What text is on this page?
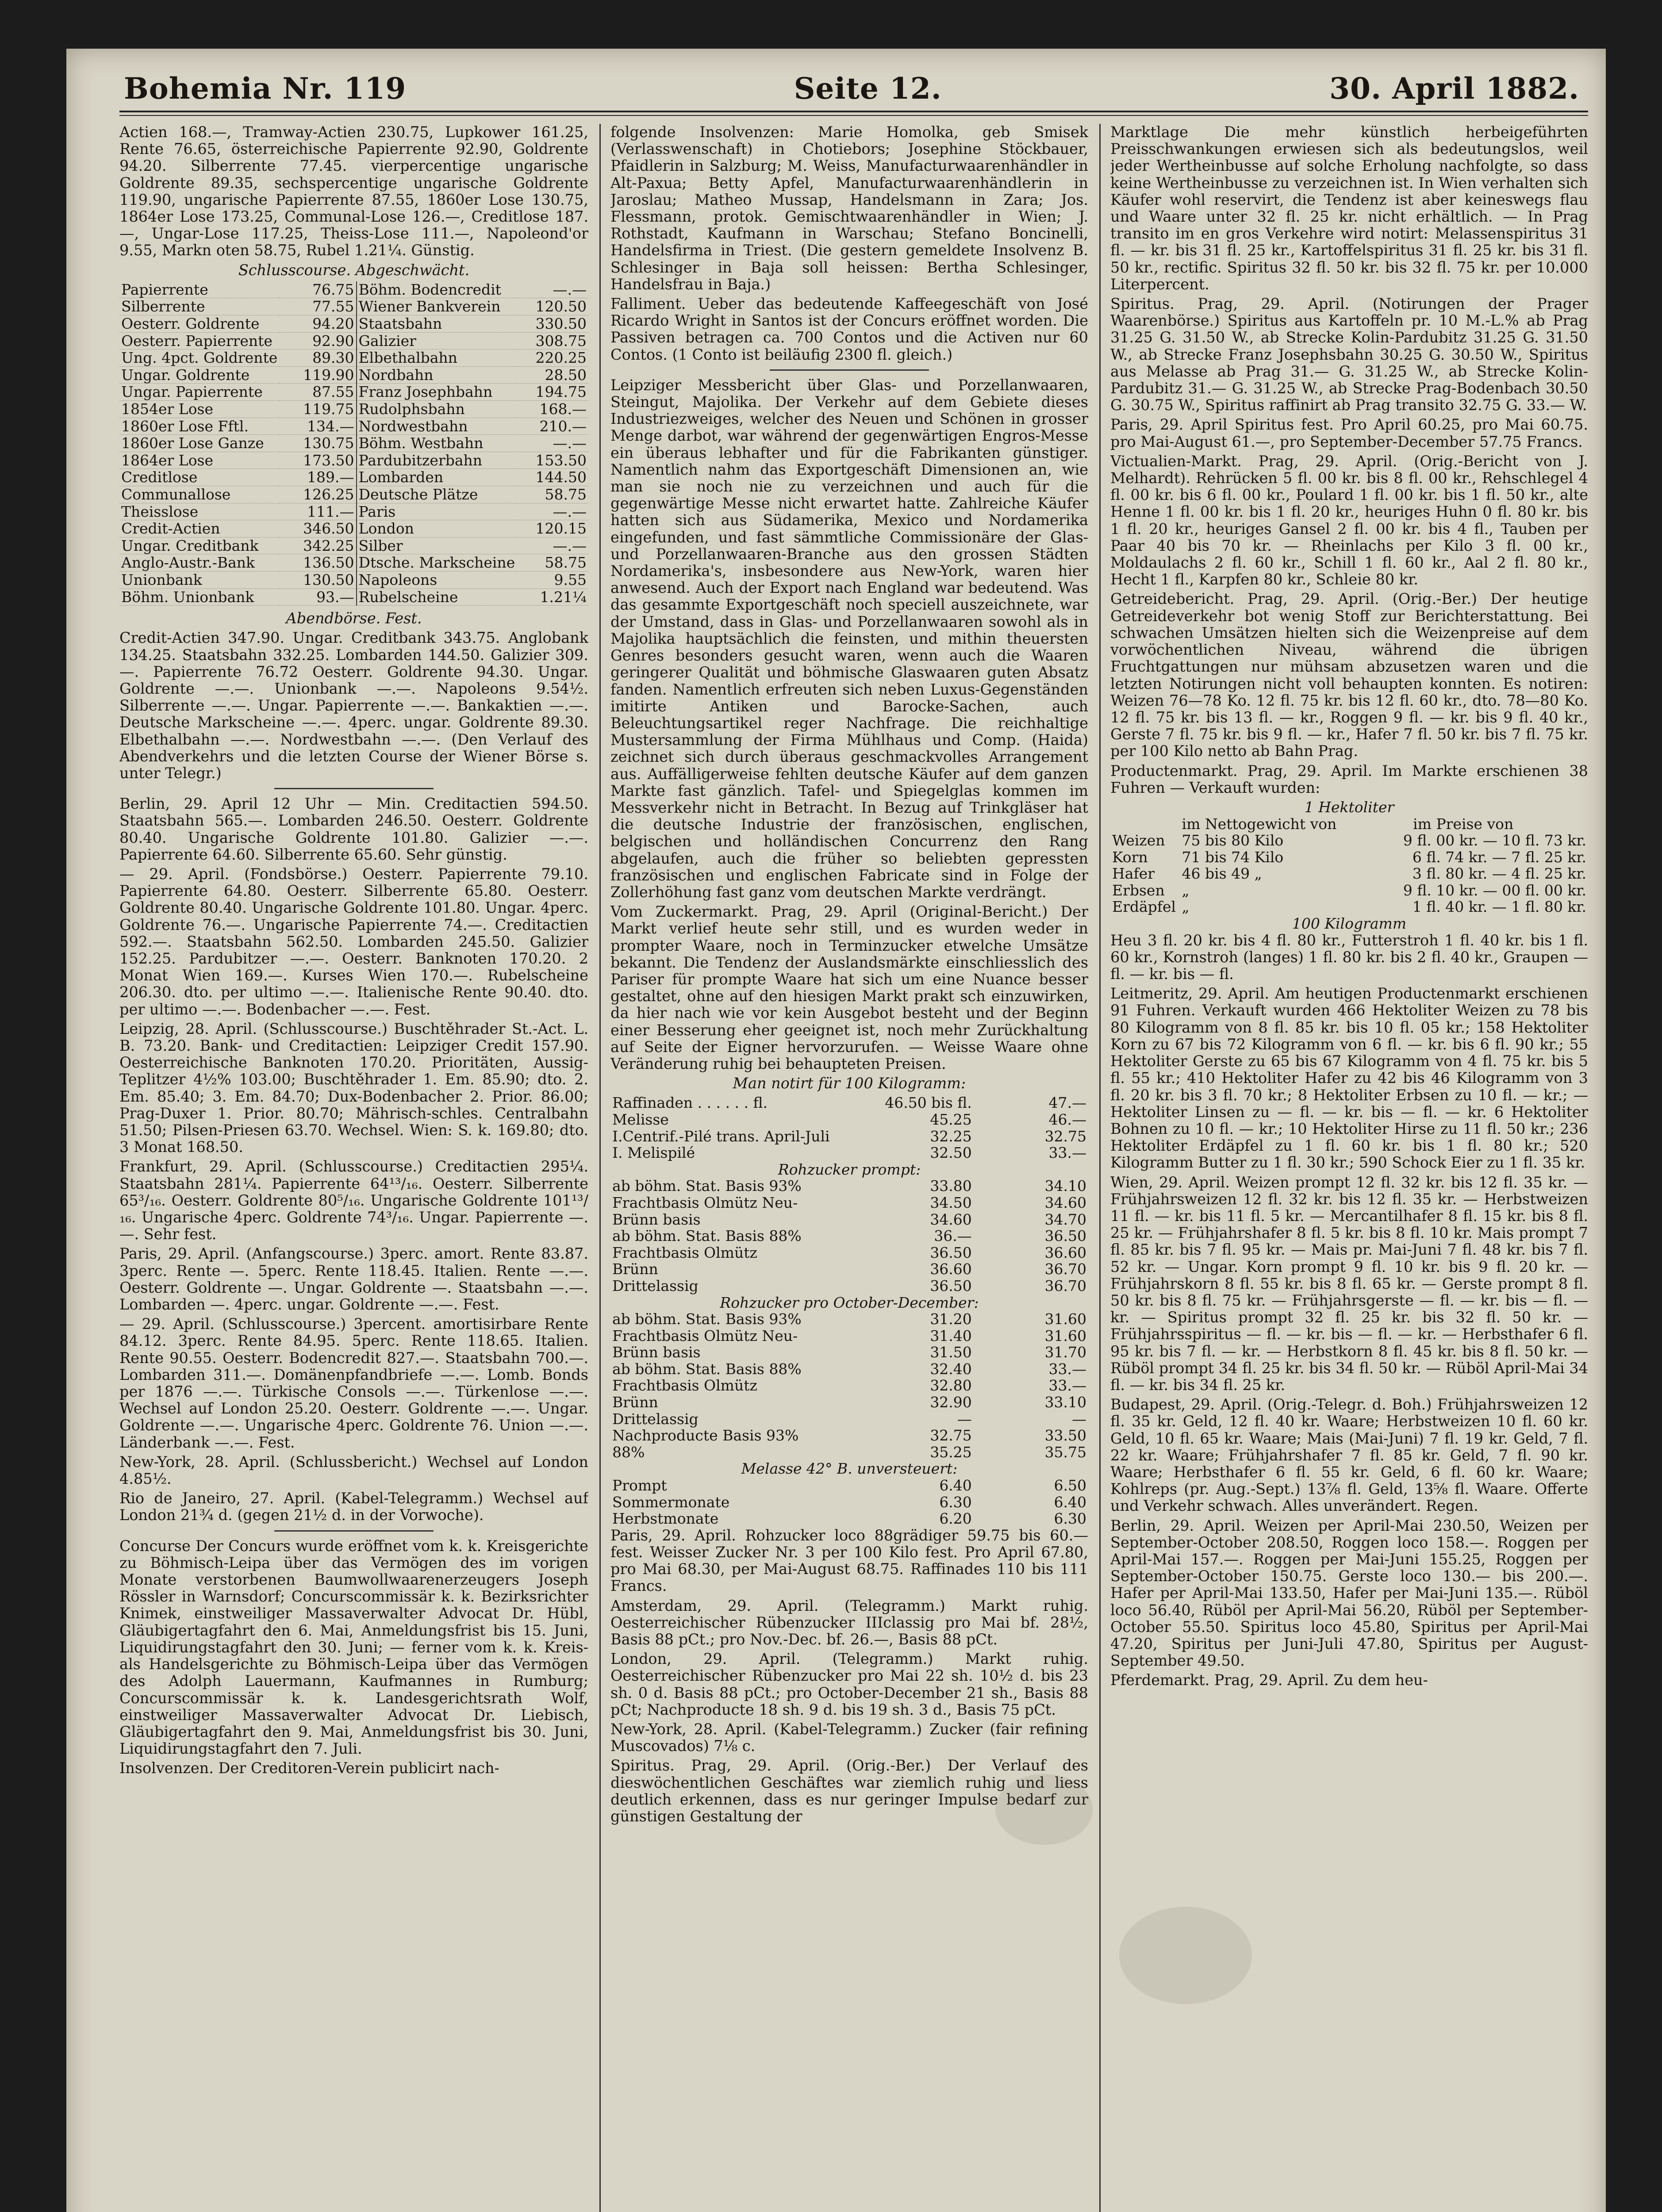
Bohemia Nr. 119	Seite 12.	30. April 1882.

Actien 168.—, Tramway-Actien 230.75, Lupkower 161.25, Rente 76.65, österreichische Papierrente 92.90, Goldrente 94.20. Silberrente 77.45. vierpercentige ungarische Goldrente 89.35, sechspercentige ungarische Goldrente 119.90, ungarische Papierrente 87.55, 1860er Lose 130.75, 1864er Lose 173.25, Communal-Lose 126.—, Creditlose 187.—, Ungar-Lose 117.25, Theiss-Lose 111.—, Napoleond'or 9.55, Markn oten 58.75, Rubel 1.21¼. Günstig.

Schlusscourse. Abgeschwächt.

Papierrente	76.75	Böhm. Bodencredit	—.—
Silberrente	77.55	Wiener Bankverein	120.50
Oesterr. Goldrente	94.20	Staatsbahn	330.50
Oesterr. Papierrente	92.90	Galizier	308.75
Ung. 4pct. Goldrente	89.30	Elbethalbahn	220.25
Ungar. Goldrente	119.90	Nordbahn	28.50
Ungar. Papierrente	87.55	Franz Josephbahn	194.75
1854er Lose	119.75	Rudolphsbahn	168.—
1860er Lose Fftl.	134.—	Nordwestbahn	210.—
1860er Lose Ganze	130.75	Böhm. Westbahn	—.—
1864er Lose	173.50	Pardubitzerbahn	153.50
Creditlose	189.—	Lombarden	144.50
Communallose	126.25	Deutsche Plätze	58.75
Theisslose	111.—	Paris	—.—
Credit-Actien	346.50	London	120.15
Ungar. Creditbank	342.25	Silber	—.—
Anglo-Austr.-Bank	136.50	Dtsche. Markscheine	58.75
Unionbank	130.50	Napoleons	9.55
Böhm. Unionbank	93.—	Rubelscheine	1.21¼

Abendbörse. Fest.

Credit-Actien 347.90. Ungar. Creditbank 343.75. Anglobank 134.25. Staatsbahn 332.25. Lombarden 144.50. Galizier 309.—. Papierrente 76.72 Oesterr. Goldrente 94.30. Ungar. Goldrente —.—. Unionbank —.—. Napoleons 9.54½. Silberrente —.—. Ungar. Papierrente —.—. Bankaktien —.—. Deutsche Markscheine —.—. 4perc. ungar. Goldrente 89.30. Elbethalbahn —.—. Nordwestbahn —.—. (Den Verlauf des Abendverkehrs und die letzten Course der Wiener Börse s. unter Telegr.)

Berlin, 29. April 12 Uhr — Min. Creditactien 594.50. Staatsbahn 565.—. Lombarden 246.50. Oesterr. Goldrente 80.40. Ungarische Goldrente 101.80. Galizier —.—. Papierrente 64.60. Silberrente 65.60. Sehr günstig.

— 29. April. (Fondsbörse.) Oesterr. Papierrente 79.10. Papierrente 64.80. Oesterr. Silberrente 65.80. Oesterr. Goldrente 80.40. Ungarische Goldrente 101.80. Ungar. 4perc. Goldrente 76.—. Ungarische Papierrente 74.—. Creditactien 592.—. Staatsbahn 562.50. Lombarden 245.50. Galizier 152.25. Pardubitzer —.—. Oesterr. Banknoten 170.20. 2 Monat Wien 169.—. Kurses Wien 170.—. Rubelscheine 206.30. dto. per ultimo —.—. Italienische Rente 90.40. dto. per ultimo —.—. Bodenbacher —.—. Fest.

Leipzig, 28. April. (Schlusscourse.) Buschtěhrader St.-Act. L. B. 73.20. Bank- und Creditactien: Leipziger Credit 157.90. Oesterreichische Banknoten 170.20. Prioritäten, Aussig-Teplitzer 4½% 103.00; Buschtěhrader 1. Em. 85.90; dto. 2. Em. 85.40; 3. Em. 84.70; Dux-Bodenbacher 2. Prior. 86.00; Prag-Duxer 1. Prior. 80.70; Mährisch-schles. Centralbahn 51.50; Pilsen-Priesen 63.70. Wechsel. Wien: S. k. 169.80; dto. 3 Monat 168.50.

Frankfurt, 29. April. (Schlusscourse.) Creditactien 295¼. Staatsbahn 281¼. Papierrente 64¹³/₁₆. Oesterr. Silberrente 65³/₁₆. Oesterr. Goldrente 80⁵/₁₆. Ungarische Goldrente 101¹³/₁₆. Ungarische 4perc. Goldrente 74³/₁₆. Ungar. Papierrente —.—. Sehr fest.

Paris, 29. April. (Anfangscourse.) 3perc. amort. Rente 83.87. 3perc. Rente —. 5perc. Rente 118.45. Italien. Rente —.—. Oesterr. Goldrente —. Ungar. Goldrente —. Staatsbahn —.—. Lombarden —. 4perc. ungar. Goldrente —.—. Fest.

— 29. April. (Schlusscourse.) 3percent. amortisirbare Rente 84.12. 3perc. Rente 84.95. 5perc. Rente 118.65. Italien. Rente 90.55. Oesterr. Bodencredit 827.—. Staatsbahn 700.—. Lombarden 311.—. Domänenpfandbriefe —.—. Lomb. Bonds per 1876 —.—. Türkische Consols —.—. Türkenlose —.—. Wechsel auf London 25.20. Oesterr. Goldrente —.—. Ungar. Goldrente —.—. Ungarische 4perc. Goldrente 76. Union —.—. Länderbank —.—. Fest.

New-York, 28. April. (Schlussbericht.) Wechsel auf London 4.85½.

Rio de Janeiro, 27. April. (Kabel-Telegramm.) Wechsel auf London 21¾ d. (gegen 21½ d. in der Vorwoche).

Concurse Der Concurs wurde eröffnet vom k. k. Kreisgerichte zu Böhmisch-Leipa über das Vermögen des im vorigen Monate verstorbenen Baumwollwaarenerzeugers Joseph Rössler in Warnsdorf; Concurscommissär k. k. Bezirksrichter Knimek, einstweiliger Massaverwalter Advocat Dr. Hübl, Gläubigertagfahrt den 6. Mai, Anmeldungsfrist bis 15. Juni, Liquidirungstagfahrt den 30. Juni; — ferner vom k. k. Kreis- als Handelsgerichte zu Böhmisch-Leipa über das Vermögen des Adolph Lauermann, Kaufmannes in Rumburg; Concurscommissär k. k. Landesgerichtsrath Wolf, einstweiliger Massaverwalter Advocat Dr. Liebisch, Gläubigertagfahrt den 9. Mai, Anmeldungsfrist bis 30. Juni, Liquidirungstagfahrt den 7. Juli.

Insolvenzen. Der Creditoren-Verein publicirt nach-

folgende Insolvenzen: Marie Homolka, geb Smisek (Verlasswenschaft) in Chotiebors; Josephine Stöckbauer, Pfaidlerin in Salzburg; M. Weiss, Manufacturwaarenhändler in Alt-Paxua; Betty Apfel, Manufacturwaarenhändlerin in Jaroslau; Matheo Mussap, Handelsmann in Zara; Jos. Flessmann, protok. Gemischtwaarenhändler in Wien; J. Rothstadt, Kaufmann in Warschau; Stefano Boncinelli, Handelsfirma in Triest. (Die gestern gemeldete Insolvenz B. Schlesinger in Baja soll heissen: Bertha Schlesinger, Handelsfrau in Baja.)

Falliment. Ueber das bedeutende Kaffeegeschäft von José Ricardo Wright in Santos ist der Concurs eröffnet worden. Die Passiven betragen ca. 700 Contos und die Activen nur 60 Contos. (1 Conto ist beiläufig 2300 fl. gleich.)

Leipziger Messbericht über Glas- und Porzellanwaaren, Steingut, Majolika. Der Verkehr auf dem Gebiete dieses Industriezweiges, welcher des Neuen und Schönen in grosser Menge darbot, war während der gegenwärtigen Engros-Messe ein überaus lebhafter und für die Fabrikanten günstiger. Namentlich nahm das Exportgeschäft Dimensionen an, wie man sie noch nie zu verzeichnen und auch für die gegenwärtige Messe nicht erwartet hatte. Zahlreiche Käufer hatten sich aus Südamerika, Mexico und Nordamerika eingefunden, und fast sämmtliche Commissionäre der Glas- und Porzellanwaaren-Branche aus den grossen Städten Nordamerika's, insbesondere aus New-York, waren hier anwesend. Auch der Export nach England war bedeutend. Was das gesammte Exportgeschäft noch speciell auszeichnete, war der Umstand, dass in Glas- und Porzellanwaaren sowohl als in Majolika hauptsächlich die feinsten, und mithin theuersten Genres besonders gesucht waren, wenn auch die Waaren geringerer Qualität und böhmische Glaswaaren guten Absatz fanden. Namentlich erfreuten sich neben Luxus-Gegenständen imitirte Antiken und Barocke-Sachen, auch Beleuchtungsartikel reger Nachfrage. Die reichhaltige Mustersammlung der Firma Mühlhaus und Comp. (Haida) zeichnet sich durch überaus geschmackvolles Arrangement aus. Auffälligerweise fehlten deutsche Käufer auf dem ganzen Markte fast gänzlich. Tafel- und Spiegelglas kommen im Messverkehr nicht in Betracht. In Bezug auf Trinkgläser hat die deutsche Industrie der französischen, englischen, belgischen und holländischen Concurrenz den Rang abgelaufen, auch die früher so beliebten gepressten französischen und englischen Fabricate sind in Folge der Zollerhöhung fast ganz vom deutschen Markte verdrängt.

Vom Zuckermarkt. Prag, 29. April (Original-Bericht.) Der Markt verlief heute sehr still, und es wurden weder in prompter Waare, noch in Terminzucker etwelche Umsätze bekannt. Die Tendenz der Auslandsmärkte einschliesslich des Pariser für prompte Waare hat sich um eine Nuance besser gestaltet, ohne auf den hiesigen Markt prakt sch einzuwirken, da hier nach wie vor kein Ausgebot besteht und der Beginn einer Besserung eher geeignet ist, noch mehr Zurückhaltung auf Seite der Eigner hervorzurufen. — Weisse Waare ohne Veränderung ruhig bei behaupteten Preisen.

Man notirt für 100 Kilogramm:

Raffinaden . . . . . . fl.	46.50 bis fl.	47.—
Melisse	45.25	46.—
I.Centrif.-Pilé trans. April-Juli	32.25	32.75
I. Melispilé	32.50	33.—
Rohzucker prompt:		
ab böhm. Stat. Basis 93%	33.80	34.10
Frachtbasis Olmütz Neu-	34.50	34.60
Brünn basis	34.60	34.70
ab böhm. Stat. Basis 88%	36.—	36.50
Frachtbasis Olmütz	36.50	36.60
Brünn	36.60	36.70
Drittelassig	36.50	36.70
Rohzucker pro October-December:		
ab böhm. Stat. Basis 93%	31.20	31.60
Frachtbasis Olmütz Neu-	31.40	31.60
Brünn basis	31.50	31.70
ab böhm. Stat. Basis 88%	32.40	33.—
Frachtbasis Olmütz	32.80	33.—
Brünn	32.90	33.10
Drittelassig	—	—
Nachproducte Basis 93%	32.75	33.50
88%	35.25	35.75
Melasse 42° B. unversteuert:		
Prompt	6.40	6.50
Sommermonate	6.30	6.40
Herbstmonate	6.20	6.30

Paris, 29. April. Rohzucker loco 88grädiger 59.75 bis 60.— fest. Weisser Zucker Nr. 3 per 100 Kilo fest. Pro April 67.80, pro Mai 68.30, per Mai-August 68.75. Raffinades 110 bis 111 Francs.

Amsterdam, 29. April. (Telegramm.) Markt ruhig. Oesterreichischer Rübenzucker IIIclassig pro Mai bf. 28½, Basis 88 pCt.; pro Nov.-Dec. bf. 26.—, Basis 88 pCt.

London, 29. April. (Telegramm.) Markt ruhig. Oesterreichischer Rübenzucker pro Mai 22 sh. 10½ d. bis 23 sh. 0 d. Basis 88 pCt.; pro October-December 21 sh., Basis 88 pCt; Nachproducte 18 sh. 9 d. bis 19 sh. 3 d., Basis 75 pCt.

New-York, 28. April. (Kabel-Telegramm.) Zucker (fair refining Muscovados) 7⅛ c.

Spiritus. Prag, 29. April. (Orig.-Ber.) Der Verlauf des dieswöchentlichen Geschäftes war ziemlich ruhig und liess deutlich erkennen, dass es nur geringer Impulse bedarf zur günstigen Gestaltung der

Marktlage Die mehr künstlich herbeigeführten Preisschwankungen erwiesen sich als bedeutungslos, weil jeder Wertheinbusse auf solche Erholung nachfolgte, so dass keine Wertheinbusse zu verzeichnen ist. In Wien verhalten sich Käufer wohl reservirt, die Tendenz ist aber keineswegs flau und Waare unter 32 fl. 25 kr. nicht erhältlich. — In Prag transito im en gros Verkehre wird notirt: Melassenspiritus 31 fl. — kr. bis 31 fl. 25 kr., Kartoffelspiritus 31 fl. 25 kr. bis 31 fl. 50 kr., rectific. Spiritus 32 fl. 50 kr. bis 32 fl. 75 kr. per 10.000 Literpercent.

Spiritus. Prag, 29. April. (Notirungen der Prager Waarenbörse.) Spiritus aus Kartoffeln pr. 10 M.-L.% ab Prag 31.25 G. 31.50 W., ab Strecke Kolin-Pardubitz 31.25 G. 31.50 W., ab Strecke Franz Josephsbahn 30.25 G. 30.50 W., Spiritus aus Melasse ab Prag 31.— G. 31.25 W., ab Strecke Kolin-Pardubitz 31.— G. 31.25 W., ab Strecke Prag-Bodenbach 30.50 G. 30.75 W., Spiritus raffinirt ab Prag transito 32.75 G. 33.— W.

Paris, 29. April Spiritus fest. Pro April 60.25, pro Mai 60.75. pro Mai-August 61.—, pro September-December 57.75 Francs.

Victualien-Markt. Prag, 29. April. (Orig.-Bericht von J. Melhardt). Rehrücken 5 fl. 00 kr. bis 8 fl. 00 kr., Rehschlegel 4 fl. 00 kr. bis 6 fl. 00 kr., Poulard 1 fl. 00 kr. bis 1 fl. 50 kr., alte Henne 1 fl. 00 kr. bis 1 fl. 20 kr., heuriges Huhn 0 fl. 80 kr. bis 1 fl. 20 kr., heuriges Gansel 2 fl. 00 kr. bis 4 fl., Tauben per Paar 40 bis 70 kr. — Rheinlachs per Kilo 3 fl. 00 kr., Moldaulachs 2 fl. 60 kr., Schill 1 fl. 60 kr., Aal 2 fl. 80 kr., Hecht 1 fl., Karpfen 80 kr., Schleie 80 kr.

Getreidebericht. Prag, 29. April. (Orig.-Ber.) Der heutige Getreideverkehr bot wenig Stoff zur Berichterstattung. Bei schwachen Umsätzen hielten sich die Weizenpreise auf dem vorwöchentlichen Niveau, während die übrigen Fruchtgattungen nur mühsam abzusetzen waren und die letzten Notirungen nicht voll behaupten konnten. Es notiren: Weizen 76—78 Ko. 12 fl. 75 kr. bis 12 fl. 60 kr., dto. 78—80 Ko. 12 fl. 75 kr. bis 13 fl. — kr., Roggen 9 fl. — kr. bis 9 fl. 40 kr., Gerste 7 fl. 75 kr. bis 9 fl. — kr., Hafer 7 fl. 50 kr. bis 7 fl. 75 kr. per 100 Kilo netto ab Bahn Prag.

Productenmarkt. Prag, 29. April. Im Markte erschienen 38 Fuhren — Verkauft wurden:

1 Hektoliter		
	im Nettogewicht von	im Preise von
Weizen	75 bis 80 Kilo	9 fl. 00 kr. — 10 fl. 73 kr.
Korn	71 bis 74 Kilo	6 fl. 74 kr. — 7 fl. 25 kr.
Hafer	46 bis 49 „	3 fl. 80 kr. — 4 fl. 25 kr.
Erbsen	„	9 fl. 10 kr. — 00 fl. 00 kr.
Erdäpfel	„	1 fl. 40 kr. — 1 fl. 80 kr.
100 Kilogramm		

Heu 3 fl. 20 kr. bis 4 fl. 80 kr., Futterstroh 1 fl. 40 kr. bis 1 fl. 60 kr., Kornstroh (langes) 1 fl. 80 kr. bis 2 fl. 40 kr., Graupen — fl. — kr. bis — fl.

Leitmeritz, 29. April. Am heutigen Productenmarkt erschienen 91 Fuhren. Verkauft wurden 466 Hektoliter Weizen zu 78 bis 80 Kilogramm von 8 fl. 85 kr. bis 10 fl. 05 kr.; 158 Hektoliter Korn zu 67 bis 72 Kilogramm von 6 fl. — kr. bis 6 fl. 90 kr.; 55 Hektoliter Gerste zu 65 bis 67 Kilogramm von 4 fl. 75 kr. bis 5 fl. 55 kr.; 410 Hektoliter Hafer zu 42 bis 46 Kilogramm von 3 fl. 20 kr. bis 3 fl. 70 kr.; 8 Hektoliter Erbsen zu 10 fl. — kr.; — Hektoliter Linsen zu — fl. — kr. bis — fl. — kr. 6 Hektoliter Bohnen zu 10 fl. — kr.; 10 Hektoliter Hirse zu 11 fl. 50 kr.; 236 Hektoliter Erdäpfel zu 1 fl. 60 kr. bis 1 fl. 80 kr.; 520 Kilogramm Butter zu 1 fl. 30 kr.; 590 Schock Eier zu 1 fl. 35 kr.

Wien, 29. April. Weizen prompt 12 fl. 32 kr. bis 12 fl. 35 kr. — Frühjahrsweizen 12 fl. 32 kr. bis 12 fl. 35 kr. — Herbstweizen 11 fl. — kr. bis 11 fl. 5 kr. — Mercantilhafer 8 fl. 15 kr. bis 8 fl. 25 kr. — Frühjahrshafer 8 fl. 5 kr. bis 8 fl. 10 kr. Mais prompt 7 fl. 85 kr. bis 7 fl. 95 kr. — Mais pr. Mai-Juni 7 fl. 48 kr. bis 7 fl. 52 kr. — Ungar. Korn prompt 9 fl. 10 kr. bis 9 fl. 20 kr. — Frühjahrskorn 8 fl. 55 kr. bis 8 fl. 65 kr. — Gerste prompt 8 fl. 50 kr. bis 8 fl. 75 kr. — Frühjahrsgerste — fl. — kr. bis — fl. — kr. — Spiritus prompt 32 fl. 25 kr. bis 32 fl. 50 kr. — Frühjahrsspiritus — fl. — kr. bis — fl. — kr. — Herbsthafer 6 fl. 95 kr. bis 7 fl. — kr. — Herbstkorn 8 fl. 45 kr. bis 8 fl. 50 kr. — Rüböl prompt 34 fl. 25 kr. bis 34 fl. 50 kr. — Rüböl April-Mai 34 fl. — kr. bis 34 fl. 25 kr.

Budapest, 29. April. (Orig.-Telegr. d. Boh.) Frühjahrsweizen 12 fl. 35 kr. Geld, 12 fl. 40 kr. Waare; Herbstweizen 10 fl. 60 kr. Geld, 10 fl. 65 kr. Waare; Mais (Mai-Juni) 7 fl. 19 kr. Geld, 7 fl. 22 kr. Waare; Frühjahrshafer 7 fl. 85 kr. Geld, 7 fl. 90 kr. Waare; Herbsthafer 6 fl. 55 kr. Geld, 6 fl. 60 kr. Waare; Kohlreps (pr. Aug.-Sept.) 13⅞ fl. Geld, 13⅝ fl. Waare. Offerte und Verkehr schwach. Alles unverändert. Regen.

Berlin, 29. April. Weizen per April-Mai 230.50, Weizen per September-October 208.50, Roggen loco 158.—. Roggen per April-Mai 157.—. Roggen per Mai-Juni 155.25, Roggen per September-October 150.75. Gerste loco 130.— bis 200.—. Hafer per April-Mai 133.50, Hafer per Mai-Juni 135.—. Rüböl loco 56.40, Rüböl per April-Mai 56.20, Rüböl per September-October 55.50. Spiritus loco 45.80, Spiritus per April-Mai 47.20, Spiritus per Juni-Juli 47.80, Spiritus per August-September 49.50.

Pferdemarkt. Prag, 29. April. Zu dem heu-
